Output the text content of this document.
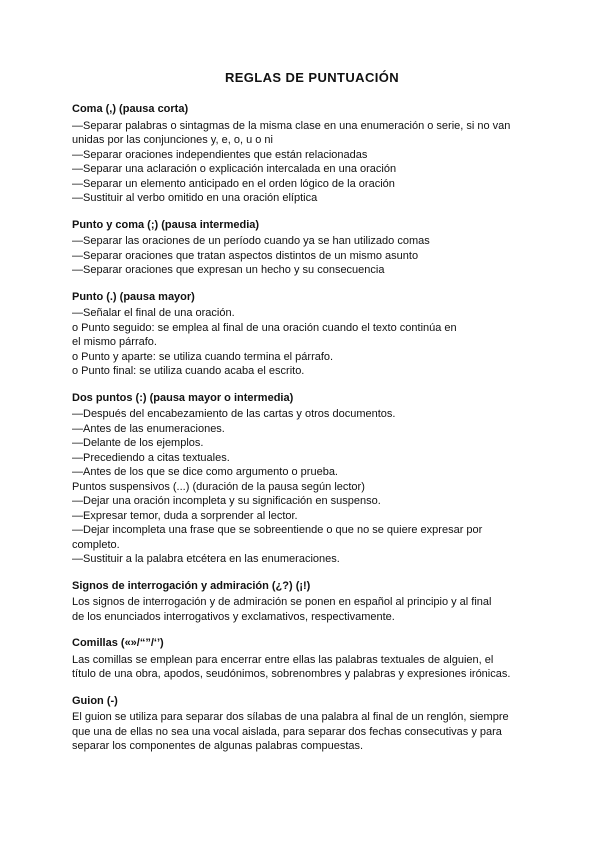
REGLAS DE PUNTUACIÓN
Coma (,) (pausa corta)

—Separar palabras o sintagmas de la misma clase en una enumeración o serie, si no van

unidas por las conjunciones y, e, o, u o ni

—Separar oraciones independientes que están relacionadas

—Separar una aclaración o explicación intercalada en una oración

—Separar un elemento anticipado en el orden lógico de la oración

—Sustituir al verbo omitido en una oración elíptica

Punto y coma (;) (pausa intermedia)

—Separar las oraciones de un período cuando ya se han utilizado comas

—Separar oraciones que tratan aspectos distintos de un mismo asunto

—Separar oraciones que expresan un hecho y su consecuencia

Punto (.) (pausa mayor)

—Señalar el final de una oración.

o Punto seguido: se emplea al final de una oración cuando el texto continúa en

el mismo párrafo.

o Punto y aparte: se utiliza cuando termina el párrafo.

o Punto final: se utiliza cuando acaba el escrito.

Dos puntos (:) (pausa mayor o intermedia)

—Después del encabezamiento de las cartas y otros documentos.

—Antes de las enumeraciones.

—Delante de los ejemplos.

—Precediendo a citas textuales.

—Antes de los que se dice como argumento o prueba.

Puntos suspensivos (...) (duración de la pausa según lector)

—Dejar una oración incompleta y su significación en suspenso.

—Expresar temor, duda a sorprender al lector.

—Dejar incompleta una frase que se sobreentiende o que no se quiere expresar por

completo.

—Sustituir a la palabra etcétera en las enumeraciones.

Signos de interrogación y admiración (¿?) (¡!)

Los signos de interrogación y de admiración se ponen en español al principio y al final

de los enunciados interrogativos y exclamativos, respectivamente.

Comillas («»/“”/‘’)

Las comillas se emplean para encerrar entre ellas las palabras textuales de alguien, el

título de una obra, apodos, seudónimos, sobrenombres y palabras y expresiones irónicas.

Guion (-)

El guion se utiliza para separar dos sílabas de una palabra al final de un renglón, siempre

que una de ellas no sea una vocal aislada, para separar dos fechas consecutivas y para

separar los componentes de algunas palabras compuestas.
